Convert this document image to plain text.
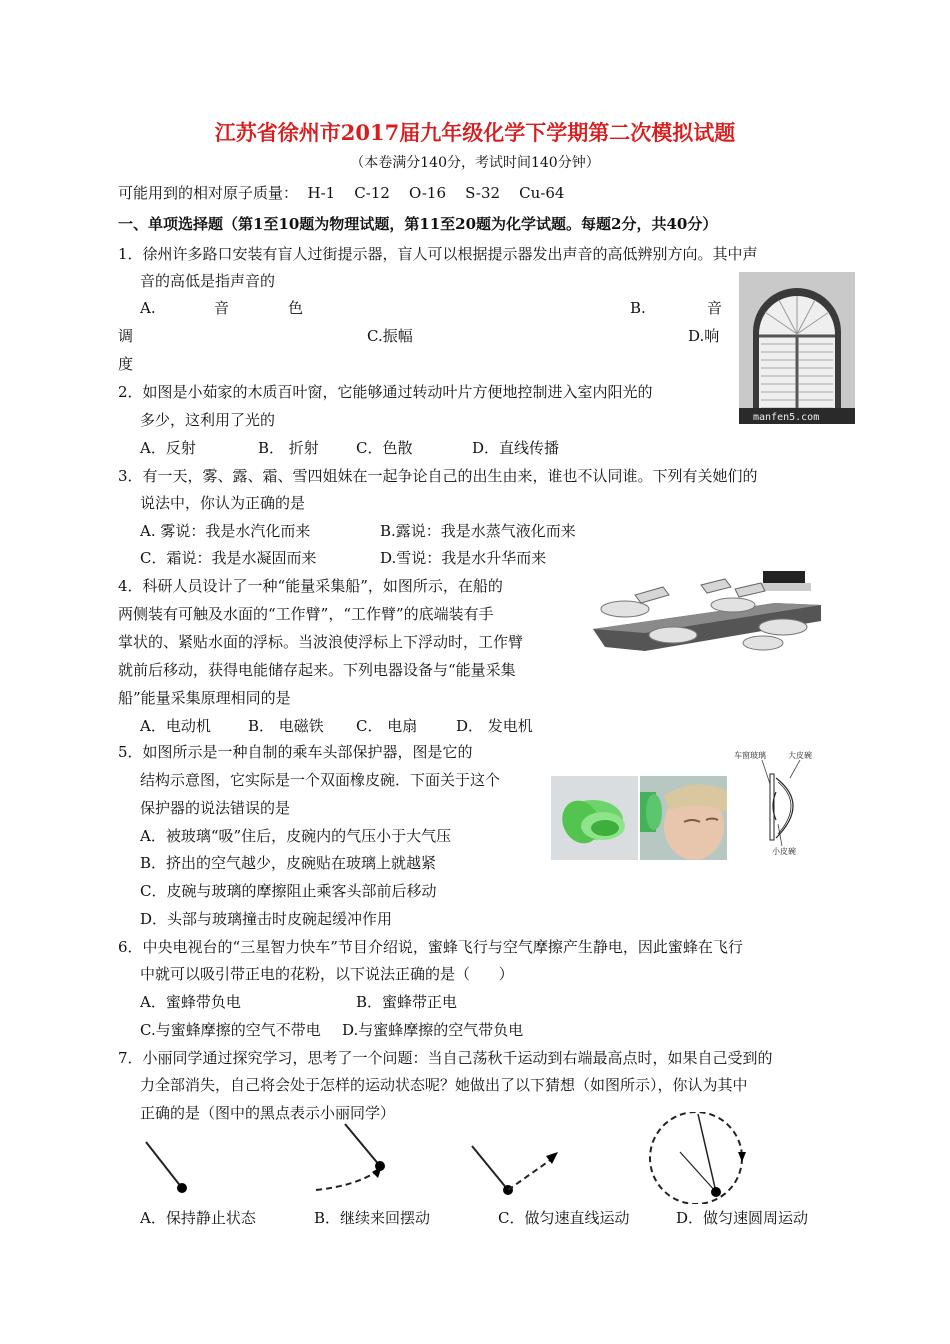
江苏省徐州市2017届九年级化学下学期第二次模拟试题
（本卷满分140分，考试时间140分钟）
可能用到的相对原子质量：  H-1    C-12    O-16    S-32    Cu-64
一、单项选择题（第1至10题为物理试题，第11至20题为化学试题。每题2分，共40分）
1．徐州许多路口安装有盲人过街提示器，盲人可以根据提示器发出声音的高低辨别方向。其中声
音的高低是指声音的
A.	音	色	B.	音
调	C.振幅	D.响
度
manfen5.com
2．如图是小茹家的木质百叶窗，它能够通过转动叶片方便地控制进入室内阳光的
多少，这利用了光的
A．反射	B． 折射 C．色散	D．直线传播
3．有一天，雾、露、霜、雪四姐妹在一起争论自己的出生由来，谁也不认同谁。下列有关她们的
说法中，你认为正确的是
A. 雾说：我是水汽化而来	B.露说：我是水蒸气液化而来
C．霜说：我是水凝固而来	D.雪说：我是水升华而来
4．科研人员设计了一种“能量采集船”，如图所示，在船的
两侧装有可触及水面的“工作臂”，“工作臂”的底端装有手
掌状的、紧贴水面的浮标。当波浪使浮标上下浮动时，工作臂
就前后移动，获得电能储存起来。下列电器设备与“能量采集
船”能量采集原理相同的是
A．电动机 B． 电磁铁 C． 电扇	D． 发电机
车窗玻璃	大皮碗
小皮碗
5．如图所示是一种自制的乘车头部保护器，图是它的
结构示意图，它实际是一个双面橡皮碗．下面关于这个
保护器的说法错误的是
A．被玻璃“吸”住后，皮碗内的气压小于大气压
B．挤出的空气越少，皮碗贴在玻璃上就越紧
C．皮碗与玻璃的摩擦阻止乘客头部前后移动
D．头部与玻璃撞击时皮碗起缓冲作用
6．中央电视台的“三星智力快车”节目介绍说，蜜蜂飞行与空气摩擦产生静电，因此蜜蜂在飞行
中就可以吸引带正电的花粉，以下说法正确的是（      ）
A．蜜蜂带负电	B．蜜蜂带正电
C.与蜜蜂摩擦的空气不带电 D.与蜜蜂摩擦的空气带负电
7．小丽同学通过探究学习，思考了一个问题：当自己荡秋千运动到右端最高点时，如果自己受到的
力全部消失，自己将会处于怎样的运动状态呢？她做出了以下猜想（如图所示），你认为其中
正确的是（图中的黑点表示小丽同学）
A．保持静止状态	B．继续来回摆动	C．做匀速直线运动	D．做匀速圆周运动
